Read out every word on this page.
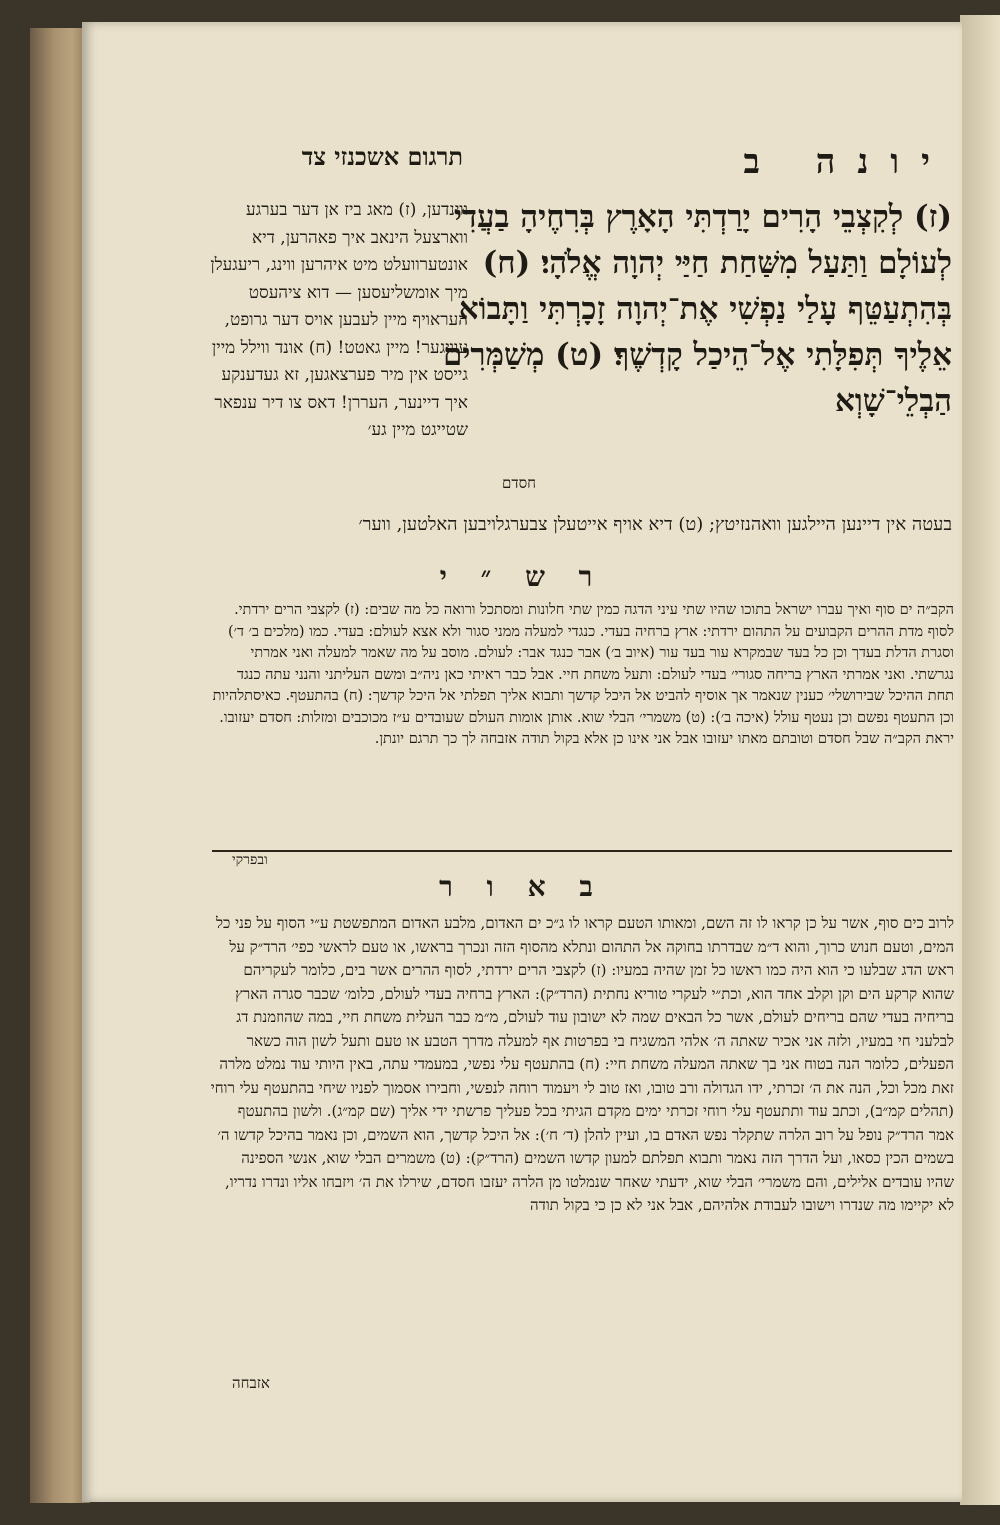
יונה ב
תרגום אשכנזי צד
(ז) לְקִצְבֵי הָרִים יָרַדְתִּי הָאָרֶץ בְּרִחֶיהָ בַעֲדִי לְעוֹלָם וַתַּעַל מִשַּׁחַת חַיַּי יְהוָה אֱלֹהָי׃ (ח) בְּהִתְעַטֵּף עָלַי נַפְשִׁי אֶת־יְהוָה זָכָרְתִּי וַתָּבוֹא אֵלֶיךָ תְּפִלָּתִי אֶל־הֵיכַל קָדְשֶׁךָ׃ (ט) מְשַׁמְּרִים הַבְלֵי־שָׁוְא
חסדם
ווינדען, (ז) מאג ביז אן דער בערגע ווארצעל הינאב איך פאהרען, דיא אונטערוועלט מיט איהרען ווינג, ריעגעלן מיך אומשליעסען — דוא ציהעסט העראויף מיין לעבען אויס דער גרופט, עוויגער! מיין גאטט! (ח) אונד ווילל מיין גייסט אין מיר פערצאגען, זא געדענקע איך דיינער, העררן! דאס צו דיר ענפאר שטייגט מיין גע׳
בעטה אין דיינען היילגען וואהנזיטץ; (ט) דיא אויף אייטעלן צבערגלויבען האלטען, ווער׳
ר ש ״ י
הקב״ה ים סוף ואיך עברו ישראל בתוכו שהיו שתי עיני הדגה כמין שתי חלונות ומסתכל ורואה כל מה שבים: (ז) לקצבי הרים ירדתי. לסוף מדת ההרים הקבועים על התהום ירדתי: ארץ ברחיה בעדי. כנגדי למעלה ממני סגור ולא אצא לעולם: בעדי. כמו (מלכים ב׳ ד׳) וסגרת הדלת בעדך וכן כל בעד שבמקרא עור בעד עור (איוב ב׳) אבר כנגד אבר: לעולם. מוסב על מה שאמר למעלה ואני אמרתי נגרשתי. ואני אמרתי הארץ בריחה סגורי׳ בעדי לעולם: ותעל משחת חיי. אבל כבר ראיתי כאן ניה״ב ומשם העליתני והנני עתה כנגד תחת ההיכל שבירושלי׳ כענין שנאמר אך אוסיף להביט אל היכל קדשך ותבוא אליך תפלתי אל היכל קדשך: (ח) בהתעטף. כאיסתלהיות וכן התעטף נפשם וכן נעטף עולל (איכה ב׳): (ט) משמרי׳ הבלי שוא. אותן אומות העולם שעובדים ע״ז מכוכבים ומזלות: חסדם יעזובו. יראת הקב״ה שבל חסדם וטובתם מאתו יעזובו אבל אני אינו כן אלא בקול תודה אזבחה לך כך תרגם יונתן.
ובפרקי
ב א ו ר
לרוב כים סוף, אשר על כן קראו לו זה השם, ומאותו הטעם קראו לו ג״כ ים האדום, מלבע האדום המתפשטת ע״י הסוף על פני כל המים, וטעם חנוש כרוך, והוא ד״מ שבדרתו בחוקה אל התהום ונתלא מהסוף הזה ונכרך בראשו, או טעם לראשי כפי׳ הרד״ק על ראש הדג שבלעו כי הוא היה כמו ראשו כל זמן שהיה במעיו: (ז) לקצבי הרים ירדתי, לסוף ההרים אשר בים, כלומר לעקריהם שהוא קרקע הים וקן וקלב אחד הוא, וכת״י לעקרי טוריא נחתית (הרד״ק): הארץ ברחיה בעדי לעולם, כלומ׳ שכבר סגרה הארץ בריחיה בעדי שהם בריחים לעולם, אשר כל הבאים שמה לא ישובון עוד לעולם, מ״מ כבר העלית משחת חיי, במה שהוזמנת דג לבלעני חי במעיו, ולזה אני אכיר שאתה ה׳ אלהי המשגיח בי בפרטות אף למעלה מדרך הטבע או טעם ותעל לשון הוה כשאר הפעלים, כלומר הנה בטוח אני בך שאתה המעלה משחת חיי: (ח) בהתעטף עלי נפשי, במעמדי עתה, באין היותי עוד נמלט מלרה זאת מכל וכל, הנה את ה׳ זכרתי, ידו הגדולה ורב טובו, ואז טוב לי ויעמוד רוחה לנפשי, וחבירו אסמוך לפניו שיחי בהתעטף עלי רוחי (תהלים קמ״ב), וכתב עוד ותתעטף עלי רוחי זכרתי ימים מקדם הגיתי בכל פעליך פרשתי ידי אליך (שם קמ״ג). ולשון בהתעטף אמר הרד״ק נופל על רוב הלרה שתקלר נפש האדם בו, ועיין להלן (ד׳ ח׳): אל היכל קדשך, הוא השמים, וכן נאמר בהיכל קדשו ה׳ בשמים הכין כסאו, ועל הדרך הזה נאמר ותבוא תפלתם למעון קדשו השמים (הרד״ק): (ט) משמרים הבלי שוא, אנשי הספינה שהיו עובדים אלילים, והם משמרי׳ הבלי שוא, ידעתי שאחר שנמלטו מן הלרה יעזבו חסדם, שירלו את ה׳ ויזבחו אליו ונדרו נדריו, לא יקיימו מה שנדרו וישובו לעבודת אלהיהם, אבל אני לא כן כי בקול תודה
אזבחה
